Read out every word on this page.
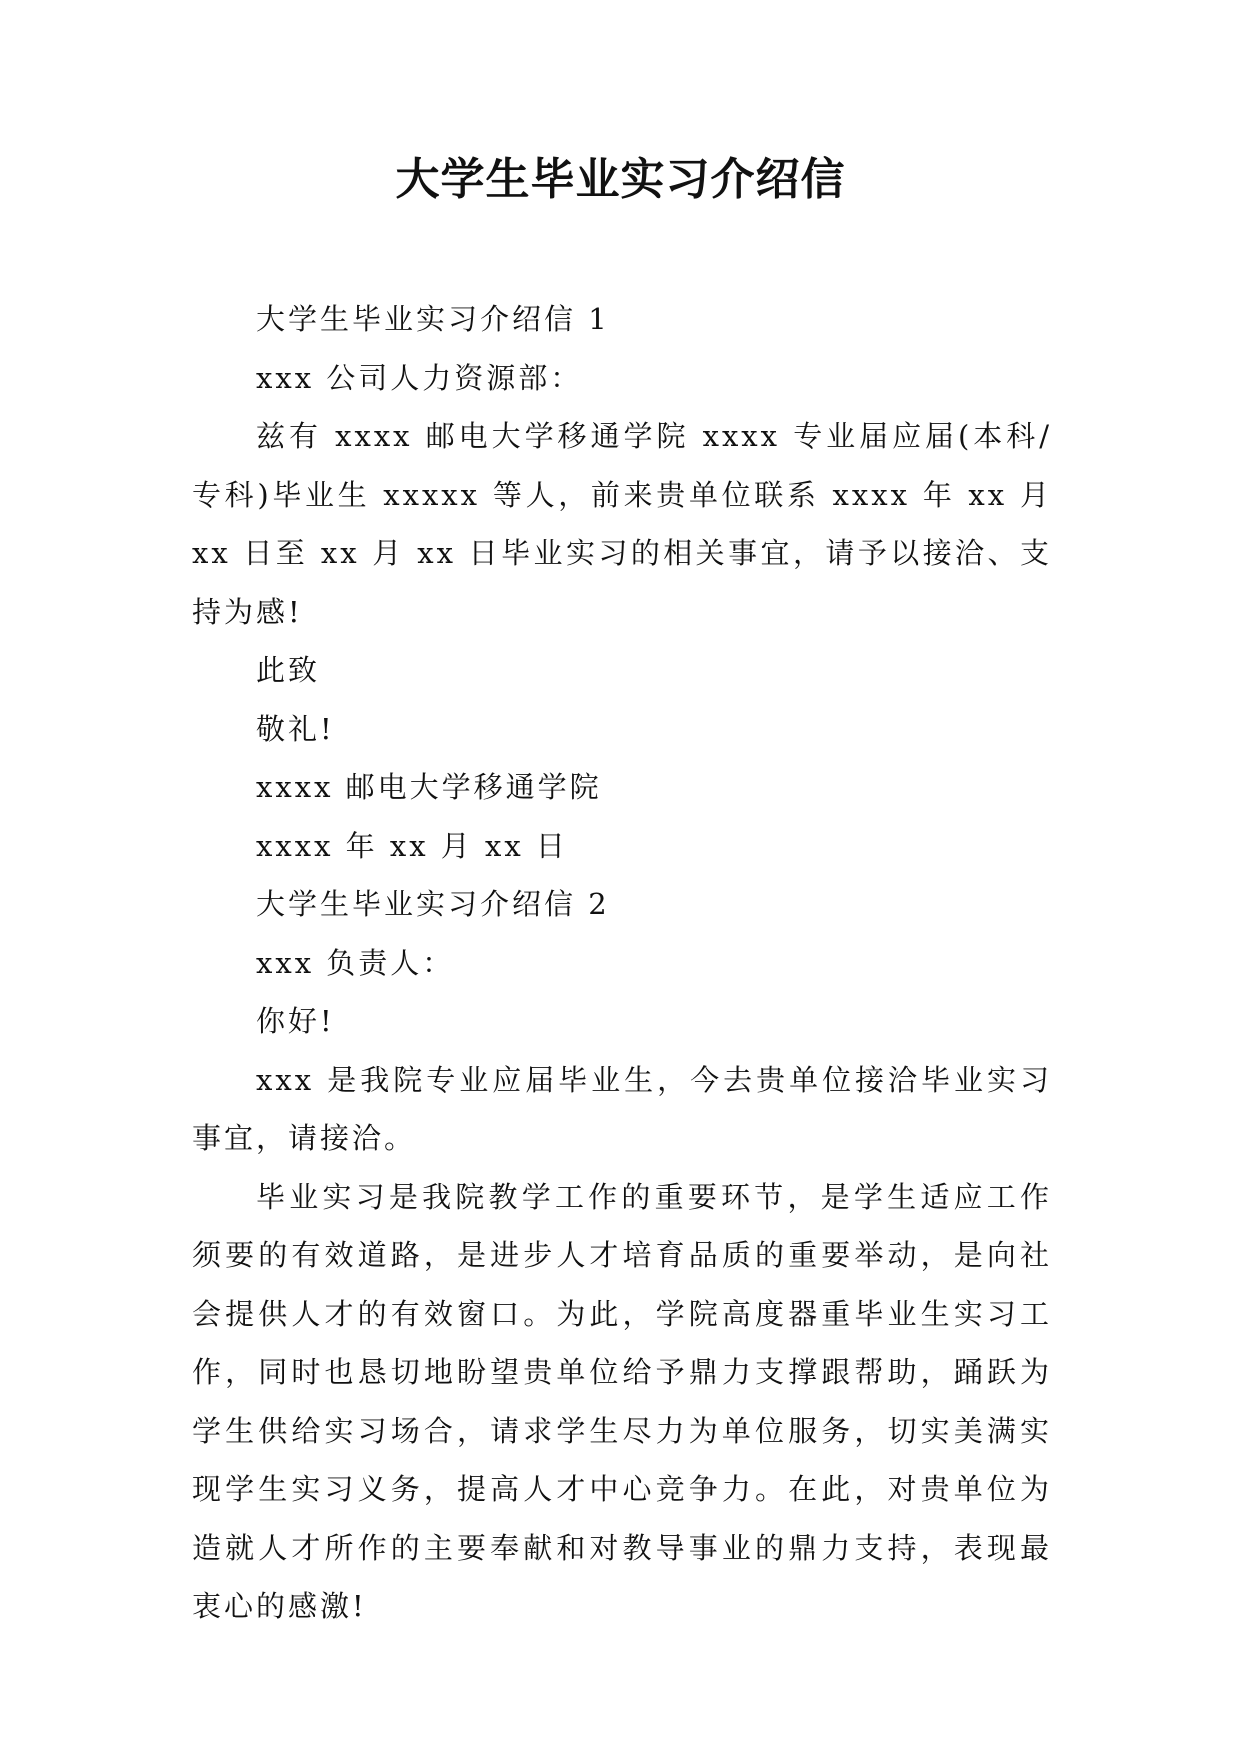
大学生毕业实习介绍信

大学生毕业实习介绍信 1

xxx 公司人力资源部：

兹有 xxxx 邮电大学移通学院 xxxx 专业届应届(本科/专科)毕业生 xxxxx 等人，前来贵单位联系 xxxx 年 xx 月 xx 日至 xx 月 xx 日毕业实习的相关事宜，请予以接洽、支持为感!

此致

敬礼!

xxxx 邮电大学移通学院

xxxx 年 xx 月 xx 日

大学生毕业实习介绍信 2

xxx 负责人：

你好!

xxx 是我院专业应届毕业生，今去贵单位接洽毕业实习事宜，请接洽。

毕业实习是我院教学工作的重要环节，是学生适应工作须要的有效道路，是进步人才培育品质的重要举动，是向社会提供人才的有效窗口。为此，学院高度器重毕业生实习工作，同时也恳切地盼望贵单位给予鼎力支撑跟帮助，踊跃为学生供给实习场合，请求学生尽力为单位服务，切实美满实现学生实习义务，提高人才中心竞争力。在此，对贵单位为造就人才所作的主要奉献和对教导事业的鼎力支持，表现最衷心的感激!
